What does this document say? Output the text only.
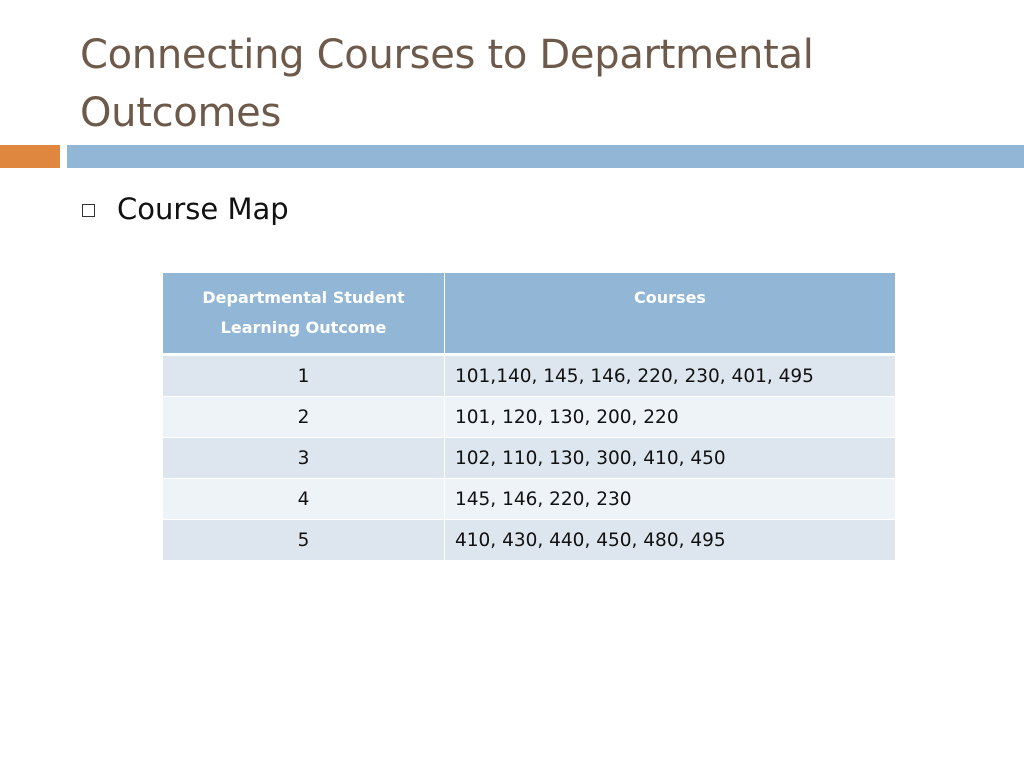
Connecting Courses to Departmental Outcomes
Course Map
Departmental Student Learning Outcome	Courses
1	101,140, 145, 146, 220, 230, 401, 495
2	101, 120, 130, 200, 220
3	102, 110, 130, 300, 410, 450
4	145, 146, 220, 230
5	410, 430, 440, 450, 480, 495
